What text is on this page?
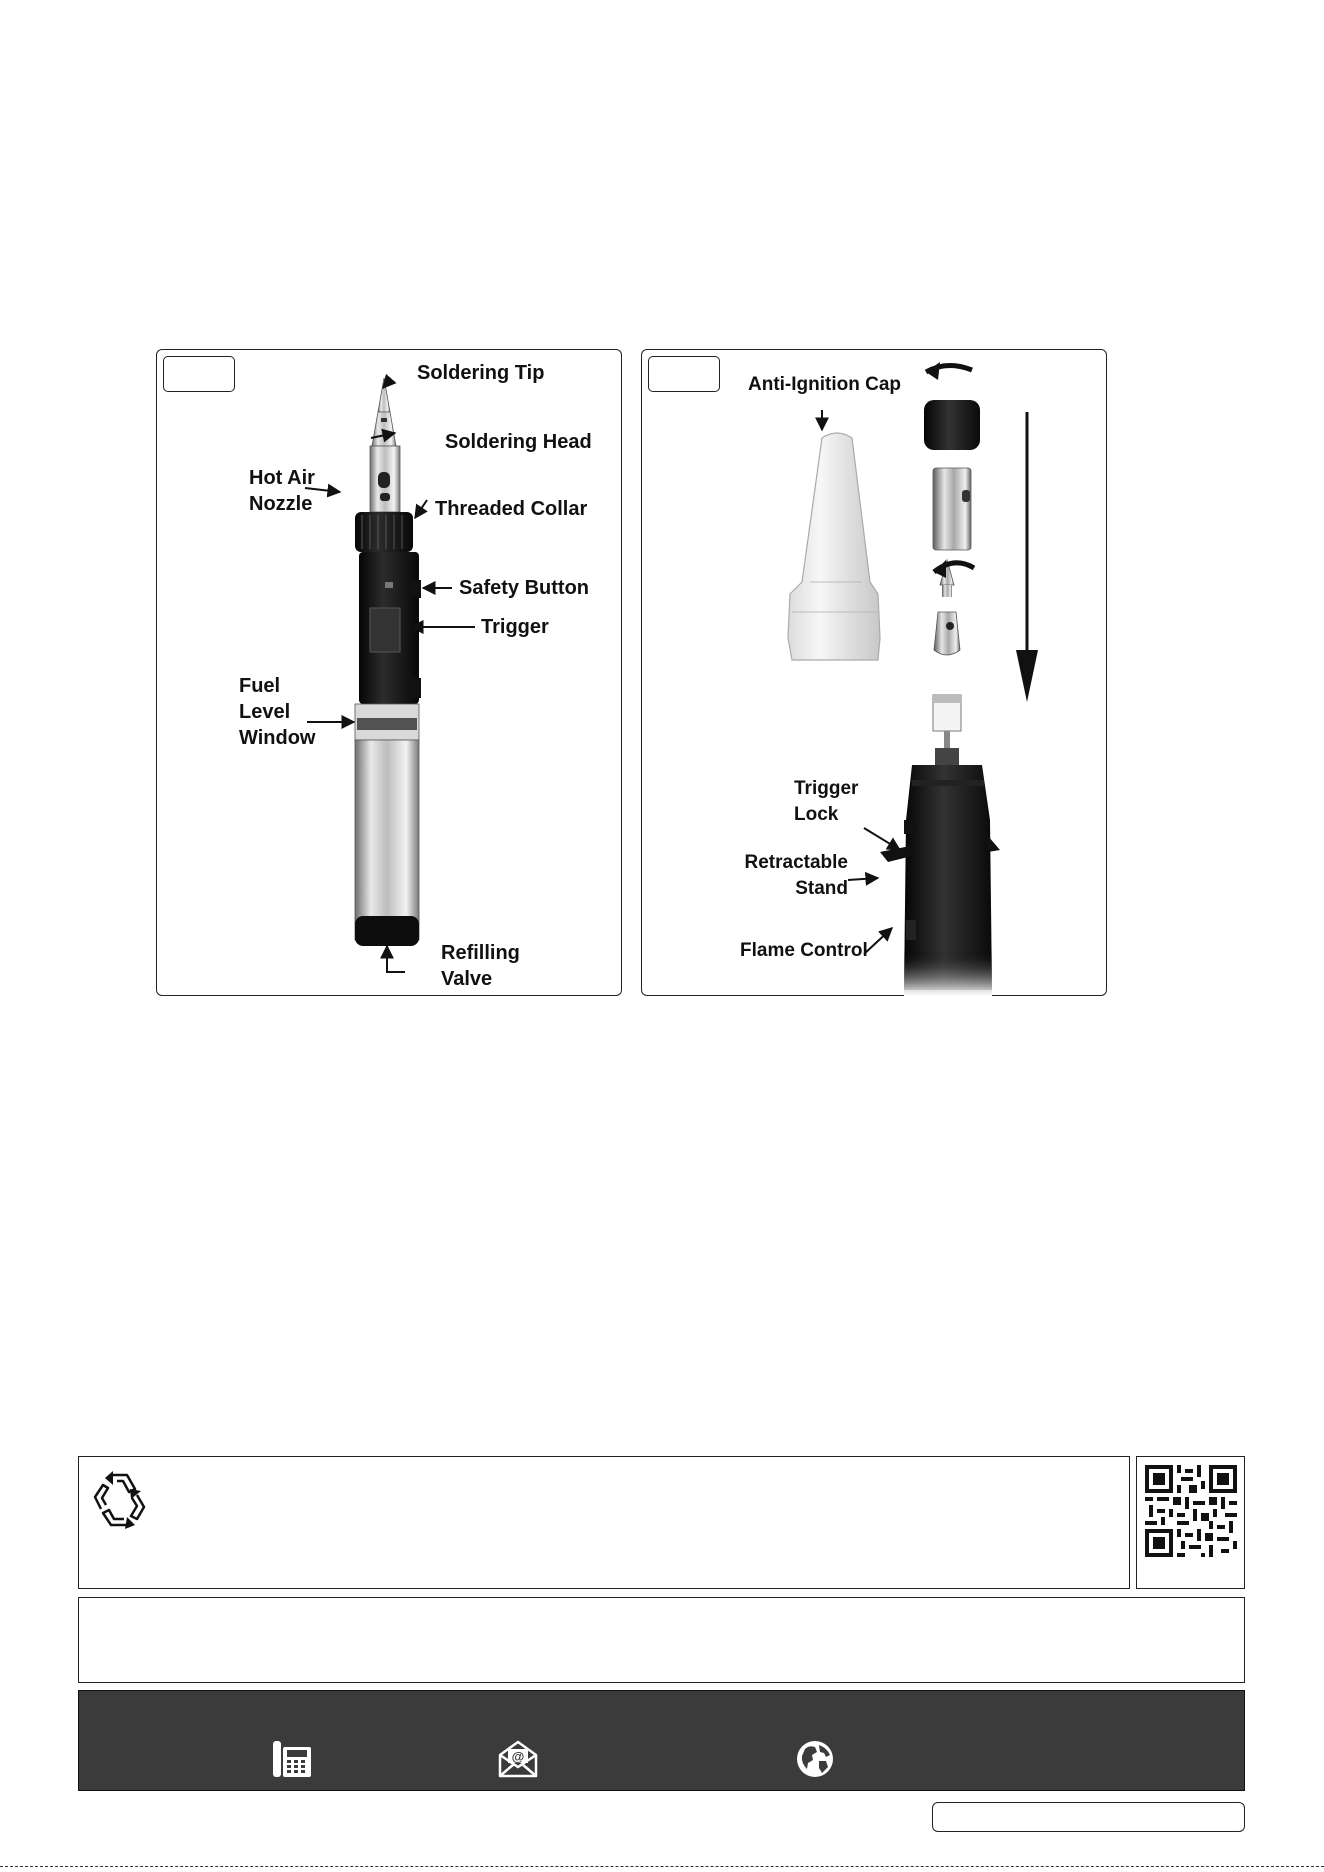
Soldering Tip
Soldering Head
Hot Air
Nozzle	Threaded Collar
Safety Button
Trigger
Fuel
Level
Window
Refilling
Valve
Anti-Ignition Cap
Trigger
Lock
Retractable
Stand
Flame Control
@
